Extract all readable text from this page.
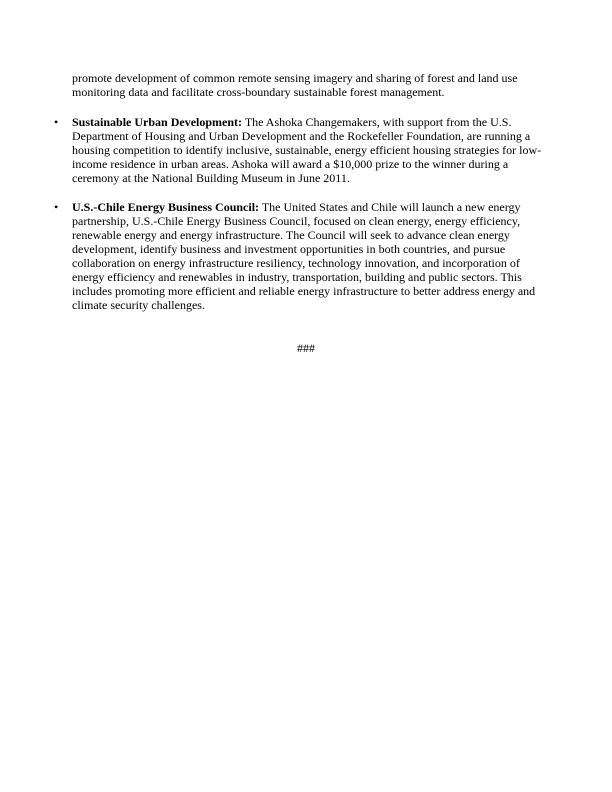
promote development of common remote sensing imagery and sharing of forest and land use monitoring data and facilitate cross-boundary sustainable forest management.

•	Sustainable Urban Development: The Ashoka Changemakers, with support from the U.S. Department of Housing and Urban Development and the Rockefeller Foundation, are running a housing competition to identify inclusive, sustainable, energy efficient housing strategies for low-income residence in urban areas. Ashoka will award a $10,000 prize to the winner during a ceremony at the National Building Museum in June 2011.

•	U.S.-Chile Energy Business Council: The United States and Chile will launch a new energy partnership, U.S.-Chile Energy Business Council, focused on clean energy, energy efficiency, renewable energy and energy infrastructure. The Council will seek to advance clean energy development, identify business and investment opportunities in both countries, and pursue collaboration on energy infrastructure resiliency, technology innovation, and incorporation of energy efficiency and renewables in industry, transportation, building and public sectors. This includes promoting more efficient and reliable energy infrastructure to better address energy and climate security challenges.

###
